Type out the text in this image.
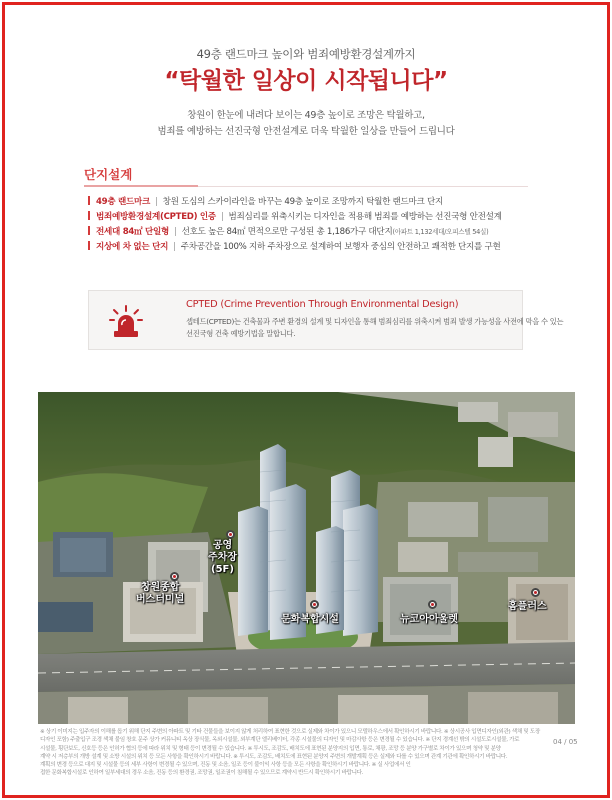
49층 랜드마크 높이와 범죄예방환경설계까지
“탁월한 일상이 시작됩니다”
창원이 한눈에 내려다 보이는 49층 높이로 조망은 탁월하고,
범죄를 예방하는 선진국형 안전설계로 더욱 탁월한 일상을 만들어 드립니다
단지설계
49층 랜드마크 | 창원 도심의 스카이라인을 바꾸는 49층 높이로 조망까지 탁월한 랜드마크 단지
범죄예방환경설계(CPTED) 인증 | 범죄심리를 위축시키는 디자인을 적용해 범죄를 예방하는 선진국형 안전설계
전세대 84㎡ 단일형 | 선호도 높은 84㎡ 면적으로만 구성된 총 1,186가구 대단지(아파트 1,132세대/오피스텔 54실)
지상에 차 없는 단지 | 주차공간을 100% 지하 주차장으로 설계하여 보행자 중심의 안전하고 쾌적한 단지를 구현
CPTED (Crime Prevention Through Environmental Design)
셉테드(CPTED)는 건축물과 주변 환경의 설계 및 디자인을 통해 범죄심리를 위축시켜 범죄 발생 가능성을 사전에 막을 수 있는
선진국형 건축 예방기법을 말합니다.
공영
주차장
(5F)
창원종합
버스터미널
문화복합시설	뉴코아아울렛
홈플러스
※ 상기 이미지는 입주자의 이해를 돕기 위해 단지 주변의 아파트 및 기타 건물들을 보이지 않게 처리하여 표현한 것으로 실제와 차이가 있으니 모델하우스에서 확인하시기 바랍니다. ※ 상시공사 입면디자인(외관) 색채 및 도장
디자인 포함) 주출입구 조경 색채 불임 창호 문주 상가 커뮤니티 옥상 장식물, 옥외시설물, 외부계단 엘리베이터, 각종 시설물의 디자인 및 마감사항 등은 변경될 수 있습니다. ※ 단지 경계선 밖의 시설도로시설물, 가로
시설물, 횡단보도, 신호등 등은 인허가 협의 등에 따라 위치 및 형태 등이 변경될 수 있습니다. ※ 투시도, 조감도, 배치도에 표현된 분양지의 입면, 통로, 채광, 조망 등 분양 가구별로 차이가 있으며 청약 및 분양
계약 시 저층부의 개방 설계 및 소방 시설의 위치 등 모든 사항을 확인하시기 바랍니다. ※ 투시도, 조감도, 배치도에 표현된 분양지 주변의 개발계획 등은 실제와 다를 수 있으며 관계 기관에 확인하시기 바랍니다.
계획의 변경 등으로 대지 및 시설물 등의 세부 사항이 변경될 수 있으며, 진동 및 소음, 일조 등이 불이익 사항 등을 모든 사항을 확인하시기 바랍니다. ※ 실 사업에서 인
접한 문화복합시설로 인하여 일부세대의 경우 소음, 진동 등의 환경권, 조망권, 일조권이 침해될 수 있으므로 계약시 반드시 확인하시기 바랍니다.
04 / 05
